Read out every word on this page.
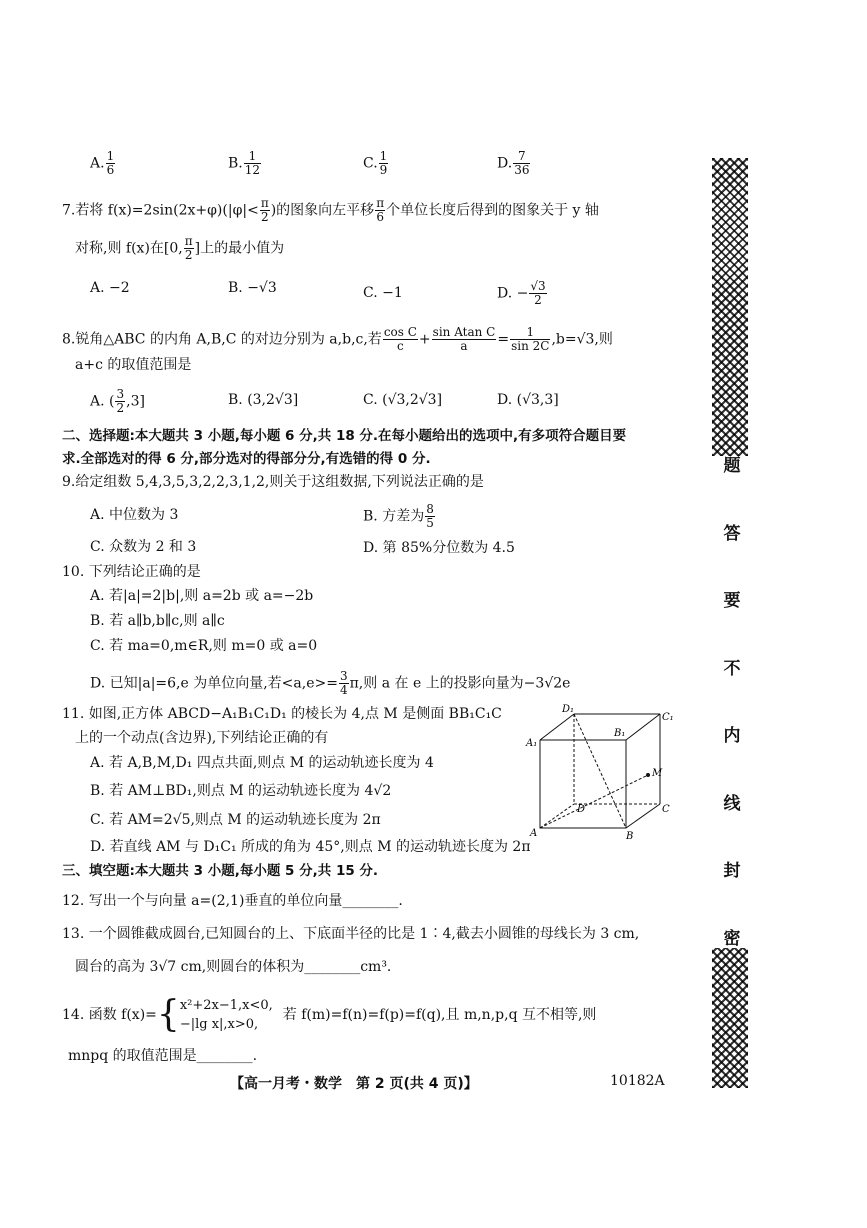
A. $\frac{1}{6}$	B. $\frac{1}{12}$	C. $\frac{1}{9}$	D. $\frac{7}{36}$
7.若将 $f(x)=2\sin(2x+\varphi)(|\varphi|< \frac{\pi}{2}$ )的图象向左平移 $\frac{\pi}{6}$ 个单位长度后得到的图象关于 y 轴
对称,则 f(x)在[0, $\frac{\pi}{2}$ ]上的最小值为
A. −2	B. −√3	C. −1	D. − $\frac{√3}{2}$
8.锐角△ABC 的内角 A,B,C 的对边分别为 a,b,c,若 $\frac{\text{cos C}}{c} + \frac{\text{sin Atan C}}{a} = \frac{1}{\sin 2C} ,b=√3$,则
a+c 的取值范围是
A. ( $\frac{3}{2} ,3$]	B. (3,2√3]	C. (√3,2√3]	D. (√3,3]
二、选择题:本大题共 3 小题,每小题 6 分,共 18 分.在每小题给出的选项中,有多项符合题目要
求.全部选对的得 6 分,部分选对的得部分分,有选错的得 0 分.
9.给定组数 5,4,3,5,3,2,2,3,1,2,则关于这组数据,下列说法正确的是
A. 中位数为 3	B. 方差为 $\frac{8}{5}$
C. 众数为 2 和 3	D. 第 85%分位数为 4.5
10. 下列结论正确的是
A. 若|a|=2|b|,则 a=2b 或 a=−2b
B. 若 a∥b,b∥c,则 a∥c
C. 若 ma=0,m∈R,则 m=0 或 a=0
D. 已知|a|=6,e 为单位向量,若$<a,e>= \frac{3}{4} \pi$,则 a 在 e 上的投影向量为−3√2e
11. 如图,正方体 ABCD−A₁B₁C₁D₁ 的棱长为 4,点 M 是侧面 BB₁C₁C
上的一个动点(含边界),下列结论正确的有
A. 若 A,B,M,D₁ 四点共面,则点 M 的运动轨迹长度为 4
B. 若 AM⊥BD₁,则点 M 的运动轨迹长度为 4√2
C. 若 AM=2√5,则点 M 的运动轨迹长度为 2π
D. 若直线 AM 与 D₁C₁ 所成的角为 45°,则点 M 的运动轨迹长度为 2π
D₁
C₁
A₁
B₁
M
D	C
A	B
三、填空题:本大题共 3 小题,每小题 5 分,共 15 分.
12. 写出一个与向量 a=(2,1)垂直的单位向量________.
13. 一个圆锥截成圆台,已知圆台的上、下底面半径的比是 1∶4,截去小圆锥的母线长为 3 cm,
圆台的高为 3√7 cm,则圆台的体积为________cm³.
14. 函数 f(x)={ x²+2x−1,x<0,
−|lg x|,x>0,
若 f(m)=f(n)=f(p)=f(q),且 m,n,p,q 互不相等,则
mnpq 的取值范围是________.
【高一月考・数学　第 2 页(共 4 页)】	10182A
题
答
要
不
内
线
封
密
